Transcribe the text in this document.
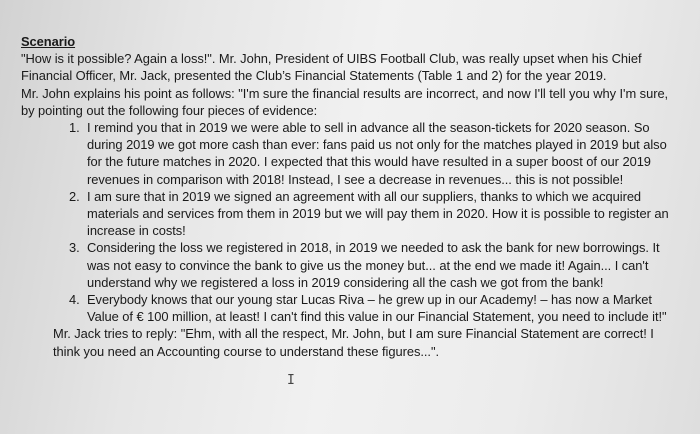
Scenario
"How is it possible? Again a loss!". Mr. John, President of UIBS Football Club, was really upset when his Chief Financial Officer, Mr. Jack, presented the Club’s Financial Statements (Table 1 and 2) for the year 2019.
Mr. John explains his point as follows: "I'm sure the financial results are incorrect, and now I'll tell you why I'm sure, by pointing out the following four pieces of evidence:
1. I remind you that in 2019 we were able to sell in advance all the season-tickets for 2020 season. So during 2019 we got more cash than ever: fans paid us not only for the matches played in 2019 but also for the future matches in 2020. I expected that this would have resulted in a super boost of our 2019 revenues in comparison with 2018! Instead, I see a decrease in revenues... this is not possible!
2. I am sure that in 2019 we signed an agreement with all our suppliers, thanks to which we acquired materials and services from them in 2019 but we will pay them in 2020. How it is possible to register an increase in costs!
3. Considering the loss we registered in 2018, in 2019 we needed to ask the bank for new borrowings. It was not easy to convince the bank to give us the money but... at the end we made it! Again... I can't understand why we registered a loss in 2019 considering all the cash we got from the bank!
4. Everybody knows that our young star Lucas Riva – he grew up in our Academy! – has now a Market Value of € 100 million, at least! I can't find this value in our Financial Statement, you need to include it!"
Mr. Jack tries to reply: "Ehm, with all the respect, Mr. John, but I am sure Financial Statement are correct! I think you need an Accounting course to understand these figures...".
I
